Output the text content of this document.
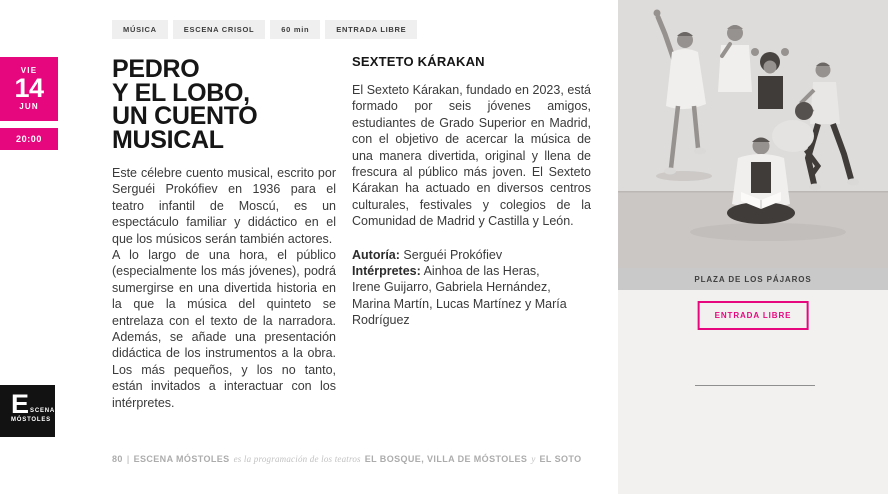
VIE
14
JUN
20:00
MÚSICA	ESCENA CRISOL	60 min	ENTRADA LIBRE
PEDRO
Y EL LOBO,
UN CUENTO
MUSICAL

Este célebre cuento musical, escrito por Serguéi Prokófiev en 1936 para el teatro infantil de Moscú, es un espectáculo familiar y didáctico en el que los músicos serán también actores.

A lo largo de una hora, el público (especialmente los más jóvenes), podrá sumergirse en una divertida historia en la que la música del quinteto se entrelaza con el texto de la narradora. Además, se añade una presentación didáctica de los instrumentos a la obra. Los más pequeños, y los no tanto, están invitados a interactuar con los intérpretes.

SEXTETO KÁRAKAN

El Sexteto Kárakan, fundado en 2023, está formado por seis jóvenes amigos, estudiantes de Grado Superior en Madrid, con el objetivo de acercar la música de una manera divertida, original y llena de frescura al público más joven. El Sexteto Kárakan ha actuado en diversos centros culturales, festivales y colegios de la Comunidad de Madrid y Castilla y León.

Autoría: Serguéi Prokófiev
Intérpretes: Ainhoa de las Heras, Irene Guijarro, Gabriela Hernández, Marina Martín, Lucas Martínez y María Rodríguez
PLAZA DE LOS PÁJAROS
ENTRADA LIBRE
E SCENA
MÓSTOLES
80 | ESCENA MÓSTOLES es la programación de los teatros EL BOSQUE, VILLA DE MÓSTOLES y EL SOTO
